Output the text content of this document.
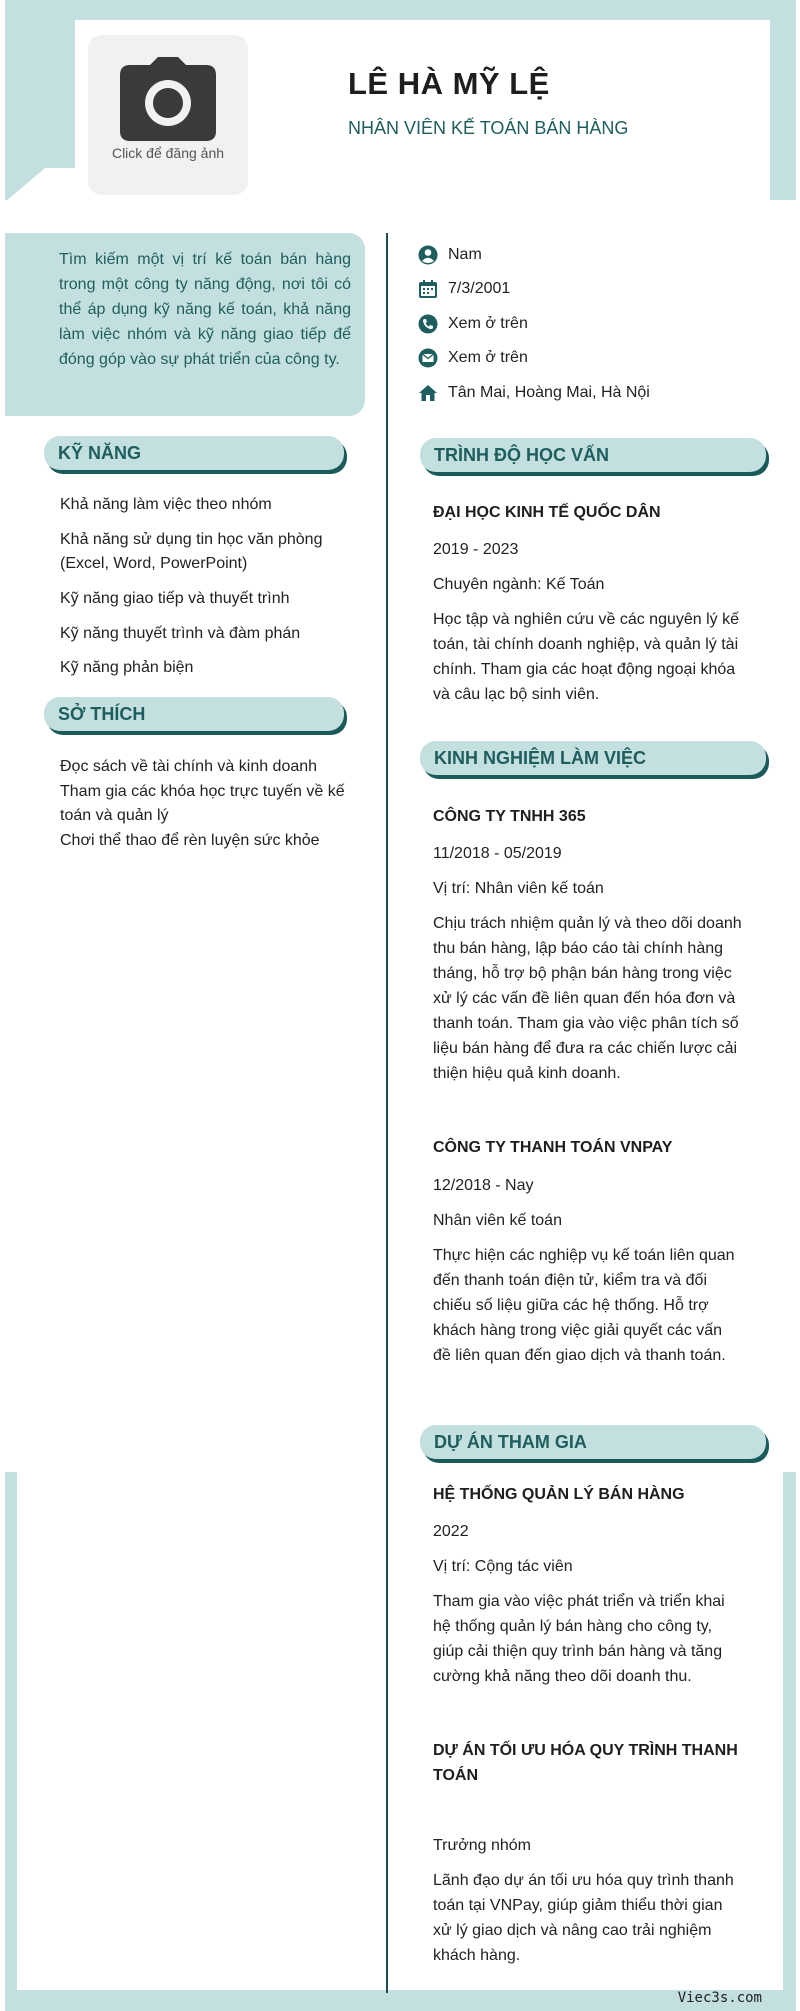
Click để đăng ảnh
LÊ HÀ MỸ LỆ
NHÂN VIÊN KẾ TOÁN BÁN HÀNG

Tìm kiếm một vị trí kế toán bán hàng trong một công ty năng động, nơi tôi có thể áp dụng kỹ năng kế toán, khả năng làm việc nhóm và kỹ năng giao tiếp để đóng góp vào sự phát triển của công ty.

KỸ NĂNG
Khả năng làm việc theo nhóm
Khả năng sử dụng tin học văn phòng (Excel, Word, PowerPoint)
Kỹ năng giao tiếp và thuyết trình
Kỹ năng thuyết trình và đàm phán
Kỹ năng phản biện
SỞ THÍCH
Đọc sách về tài chính và kinh doanh
Tham gia các khóa học trực tuyến về kế toán và quản lý
Chơi thể thao để rèn luyện sức khỏe
Nam
7/3/2001
Xem ở trên
Xem ở trên
Tân Mai, Hoàng Mai, Hà Nội
TRÌNH ĐỘ HỌC VẤN
ĐẠI HỌC KINH TẾ QUỐC DÂN
2019 - 2023
Chuyên ngành: Kế Toán
Học tập và nghiên cứu về các nguyên lý kế toán, tài chính doanh nghiệp, và quản lý tài chính. Tham gia các hoạt động ngoại khóa và câu lạc bộ sinh viên.
KINH NGHIỆM LÀM VIỆC
CÔNG TY TNHH 365
11/2018 - 05/2019
Vị trí: Nhân viên kế toán
Chịu trách nhiệm quản lý và theo dõi doanh thu bán hàng, lập báo cáo tài chính hàng tháng, hỗ trợ bộ phận bán hàng trong việc xử lý các vấn đề liên quan đến hóa đơn và thanh toán. Tham gia vào việc phân tích số liệu bán hàng để đưa ra các chiến lược cải thiện hiệu quả kinh doanh.
CÔNG TY THANH TOÁN VNPAY
12/2018 - Nay
Nhân viên kế toán
Thực hiện các nghiệp vụ kế toán liên quan đến thanh toán điện tử, kiểm tra và đối chiếu số liệu giữa các hệ thống. Hỗ trợ khách hàng trong việc giải quyết các vấn đề liên quan đến giao dịch và thanh toán.
DỰ ÁN THAM GIA
HỆ THỐNG QUẢN LÝ BÁN HÀNG
2022
Vị trí: Cộng tác viên
Tham gia vào việc phát triển và triển khai hệ thống quản lý bán hàng cho công ty, giúp cải thiện quy trình bán hàng và tăng cường khả năng theo dõi doanh thu.
DỰ ÁN TỐI ƯU HÓA QUY TRÌNH THANH TOÁN
Trưởng nhóm
Lãnh đạo dự án tối ưu hóa quy trình thanh toán tại VNPay, giúp giảm thiểu thời gian xử lý giao dịch và nâng cao trải nghiệm khách hàng.
Viec3s.com
